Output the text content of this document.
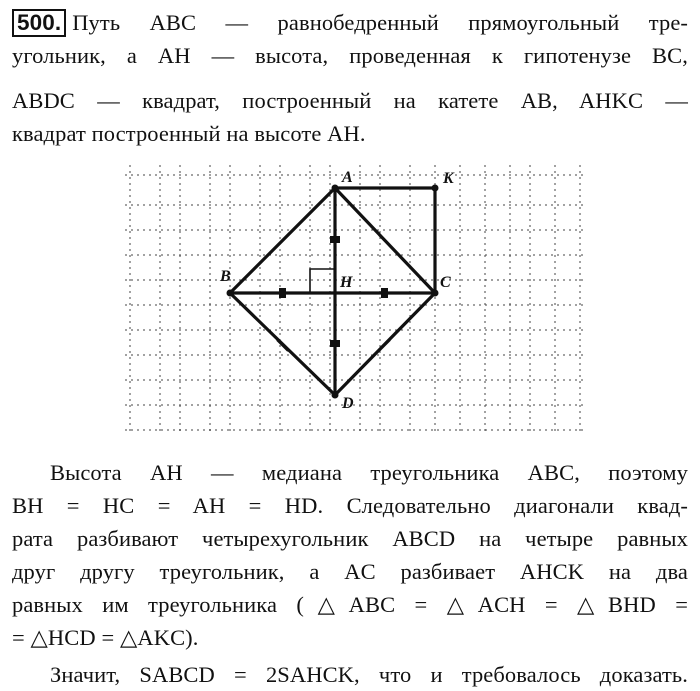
500. Путь ABC — равнобедренный прямоугольный тре-
угольник, а AH — высота, проведенная к гипотенузе BC,
ABDC — квадрат, построенный на катете AB, AHKC —
квадрат построенный на высоте AH.
A	K
B	H	C
D
Высота AH — медиана треугольника ABC, поэтому
BH = HC = AH = HD. Следовательно диагонали квад-
рата разбивают четырехугольник ABCD на четыре равных
друг другу треугольник, а AC разбивает AHCK на два
равных им треугольника (△ABC = △ACH = △BHD =
= △HCD = △AKC).
Значит, SABCD = 2SAHCK, что и требовалось доказать.
